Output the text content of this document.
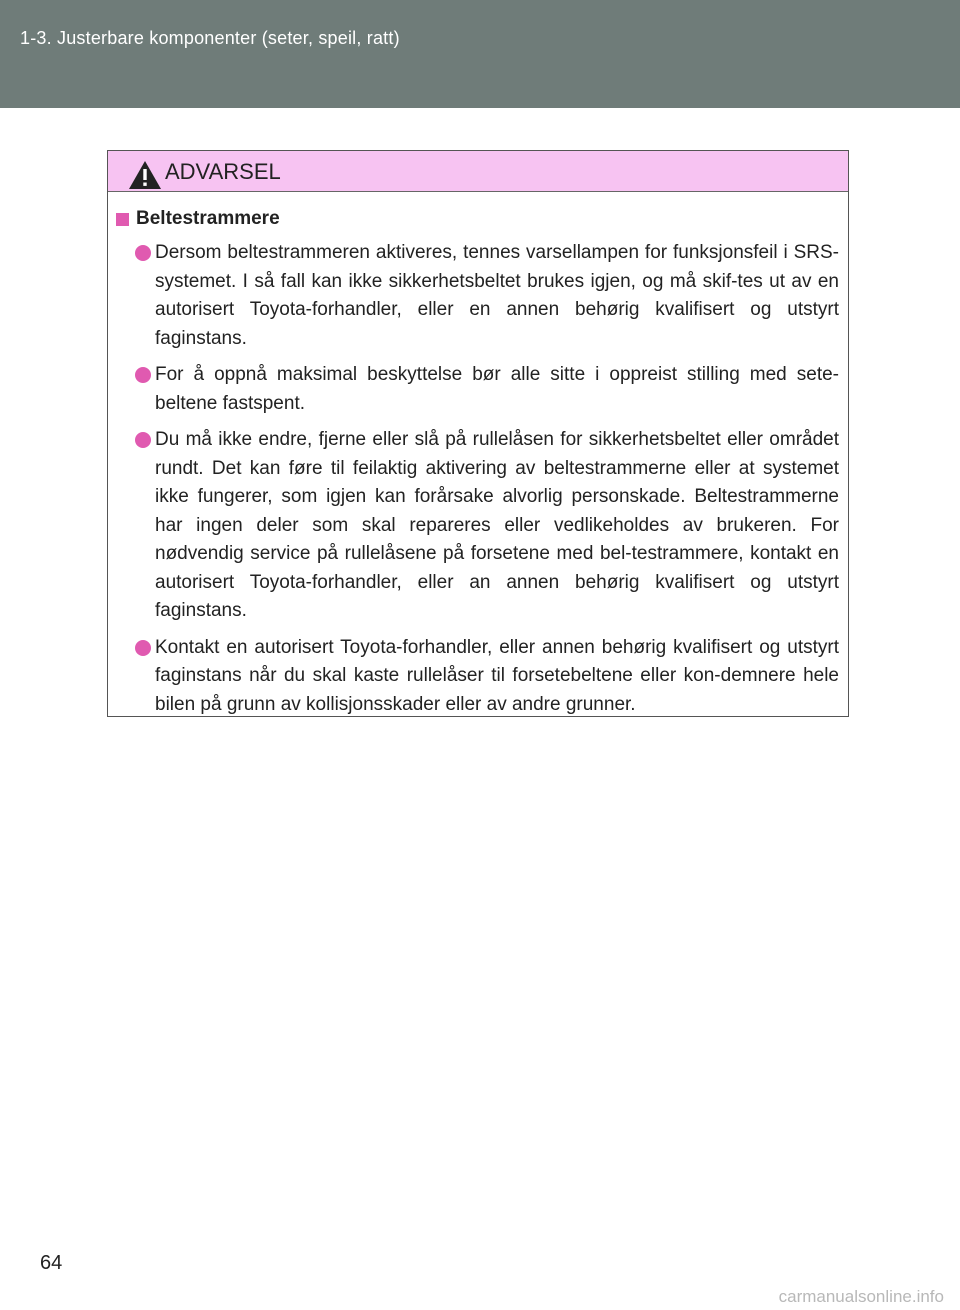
1-3. Justerbare komponenter (seter, speil, ratt)
ADVARSEL
Beltestrammere
Dersom beltestrammeren aktiveres, tennes varsellampen for funksjonsfeil i SRS-systemet. I så fall kan ikke sikkerhetsbeltet brukes igjen, og må skif-tes ut av en autorisert Toyota-forhandler, eller en annen behørig kvalifisert og utstyrt faginstans.
For å oppnå maksimal beskyttelse bør alle sitte i oppreist stilling med sete-beltene fastspent.
Du må ikke endre, fjerne eller slå på rullelåsen for sikkerhetsbeltet eller området rundt. Det kan føre til feilaktig aktivering av beltestrammerne eller at systemet ikke fungerer, som igjen kan forårsake alvorlig personskade. Beltestrammerne har ingen deler som skal repareres eller vedlikeholdes av brukeren. For nødvendig service på rullelåsene på forsetene med bel-testrammere, kontakt en autorisert Toyota-forhandler, eller an annen behørig kvalifisert og utstyrt faginstans.
Kontakt en autorisert Toyota-forhandler, eller annen behørig kvalifisert og utstyrt faginstans når du skal kaste rullelåser til forsetebeltene eller kon-demnere hele bilen på grunn av kollisjonsskader eller av andre grunner.
64
carmanualsonline.info
